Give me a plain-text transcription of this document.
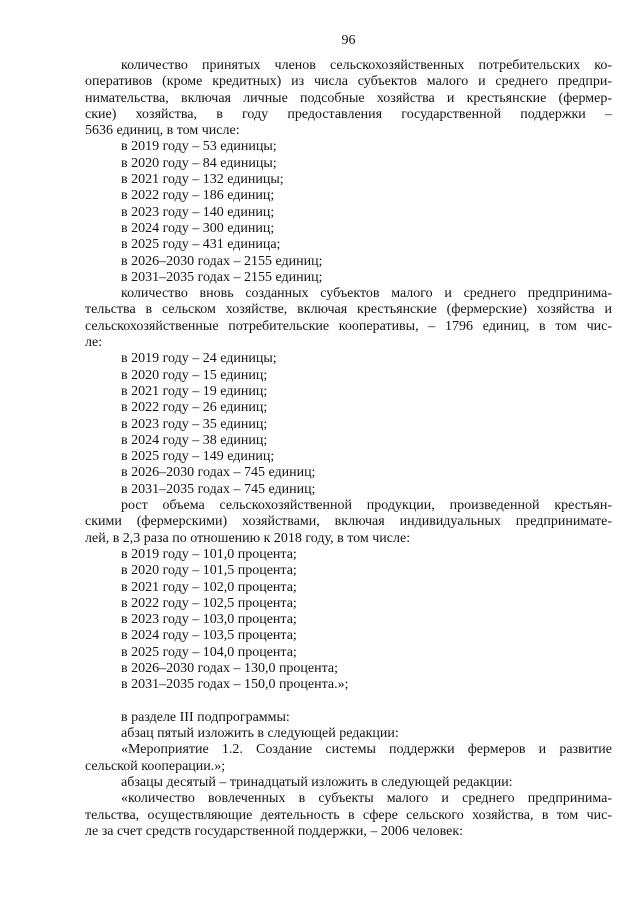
96
количество принятых членов сельскохозяйственных потребительских ко-
оперативов (кроме кредитных) из числа субъектов малого и среднего предпри-
нимательства, включая личные подсобные хозяйства и крестьянские (фермер-
ские) хозяйства, в году предоставления государственной поддержки –
5636 единиц, в том числе:
в 2019 году – 53 единицы;
в 2020 году – 84 единицы;
в 2021 году – 132 единицы;
в 2022 году – 186 единиц;
в 2023 году – 140 единиц;
в 2024 году – 300 единиц;
в 2025 году – 431 единица;
в 2026–2030 годах – 2155 единиц;
в 2031–2035 годах – 2155 единиц;
количество вновь созданных субъектов малого и среднего предпринима-
тельства в сельском хозяйстве, включая крестьянские (фермерские) хозяйства и
сельскохозяйственные потребительские кооперативы, – 1796 единиц, в том чис-
ле:
в 2019 году – 24 единицы;
в 2020 году – 15 единиц;
в 2021 году – 19 единиц;
в 2022 году – 26 единиц;
в 2023 году – 35 единиц;
в 2024 году – 38 единиц;
в 2025 году – 149 единиц;
в 2026–2030 годах – 745 единиц;
в 2031–2035 годах – 745 единиц;
рост объема сельскохозяйственной продукции, произведенной крестьян-
скими (фермерскими) хозяйствами, включая индивидуальных предпринимате-
лей, в 2,3 раза по отношению к 2018 году, в том числе:
в 2019 году – 101,0 процента;
в 2020 году – 101,5 процента;
в 2021 году – 102,0 процента;
в 2022 году – 102,5 процента;
в 2023 году – 103,0 процента;
в 2024 году – 103,5 процента;
в 2025 году – 104,0 процента;
в 2026–2030 годах – 130,0 процента;
в 2031–2035 годах – 150,0 процента.»;
в разделе III подпрограммы:
абзац пятый изложить в следующей редакции:
«Мероприятие 1.2. Создание системы поддержки фермеров и развитие
сельской кооперации.»;
абзацы десятый – тринадцатый изложить в следующей редакции:
«количество вовлеченных в субъекты малого и среднего предпринима-
тельства, осуществляющие деятельность в сфере сельского хозяйства, в том чис-
ле за счет средств государственной поддержки, – 2006 человек:
